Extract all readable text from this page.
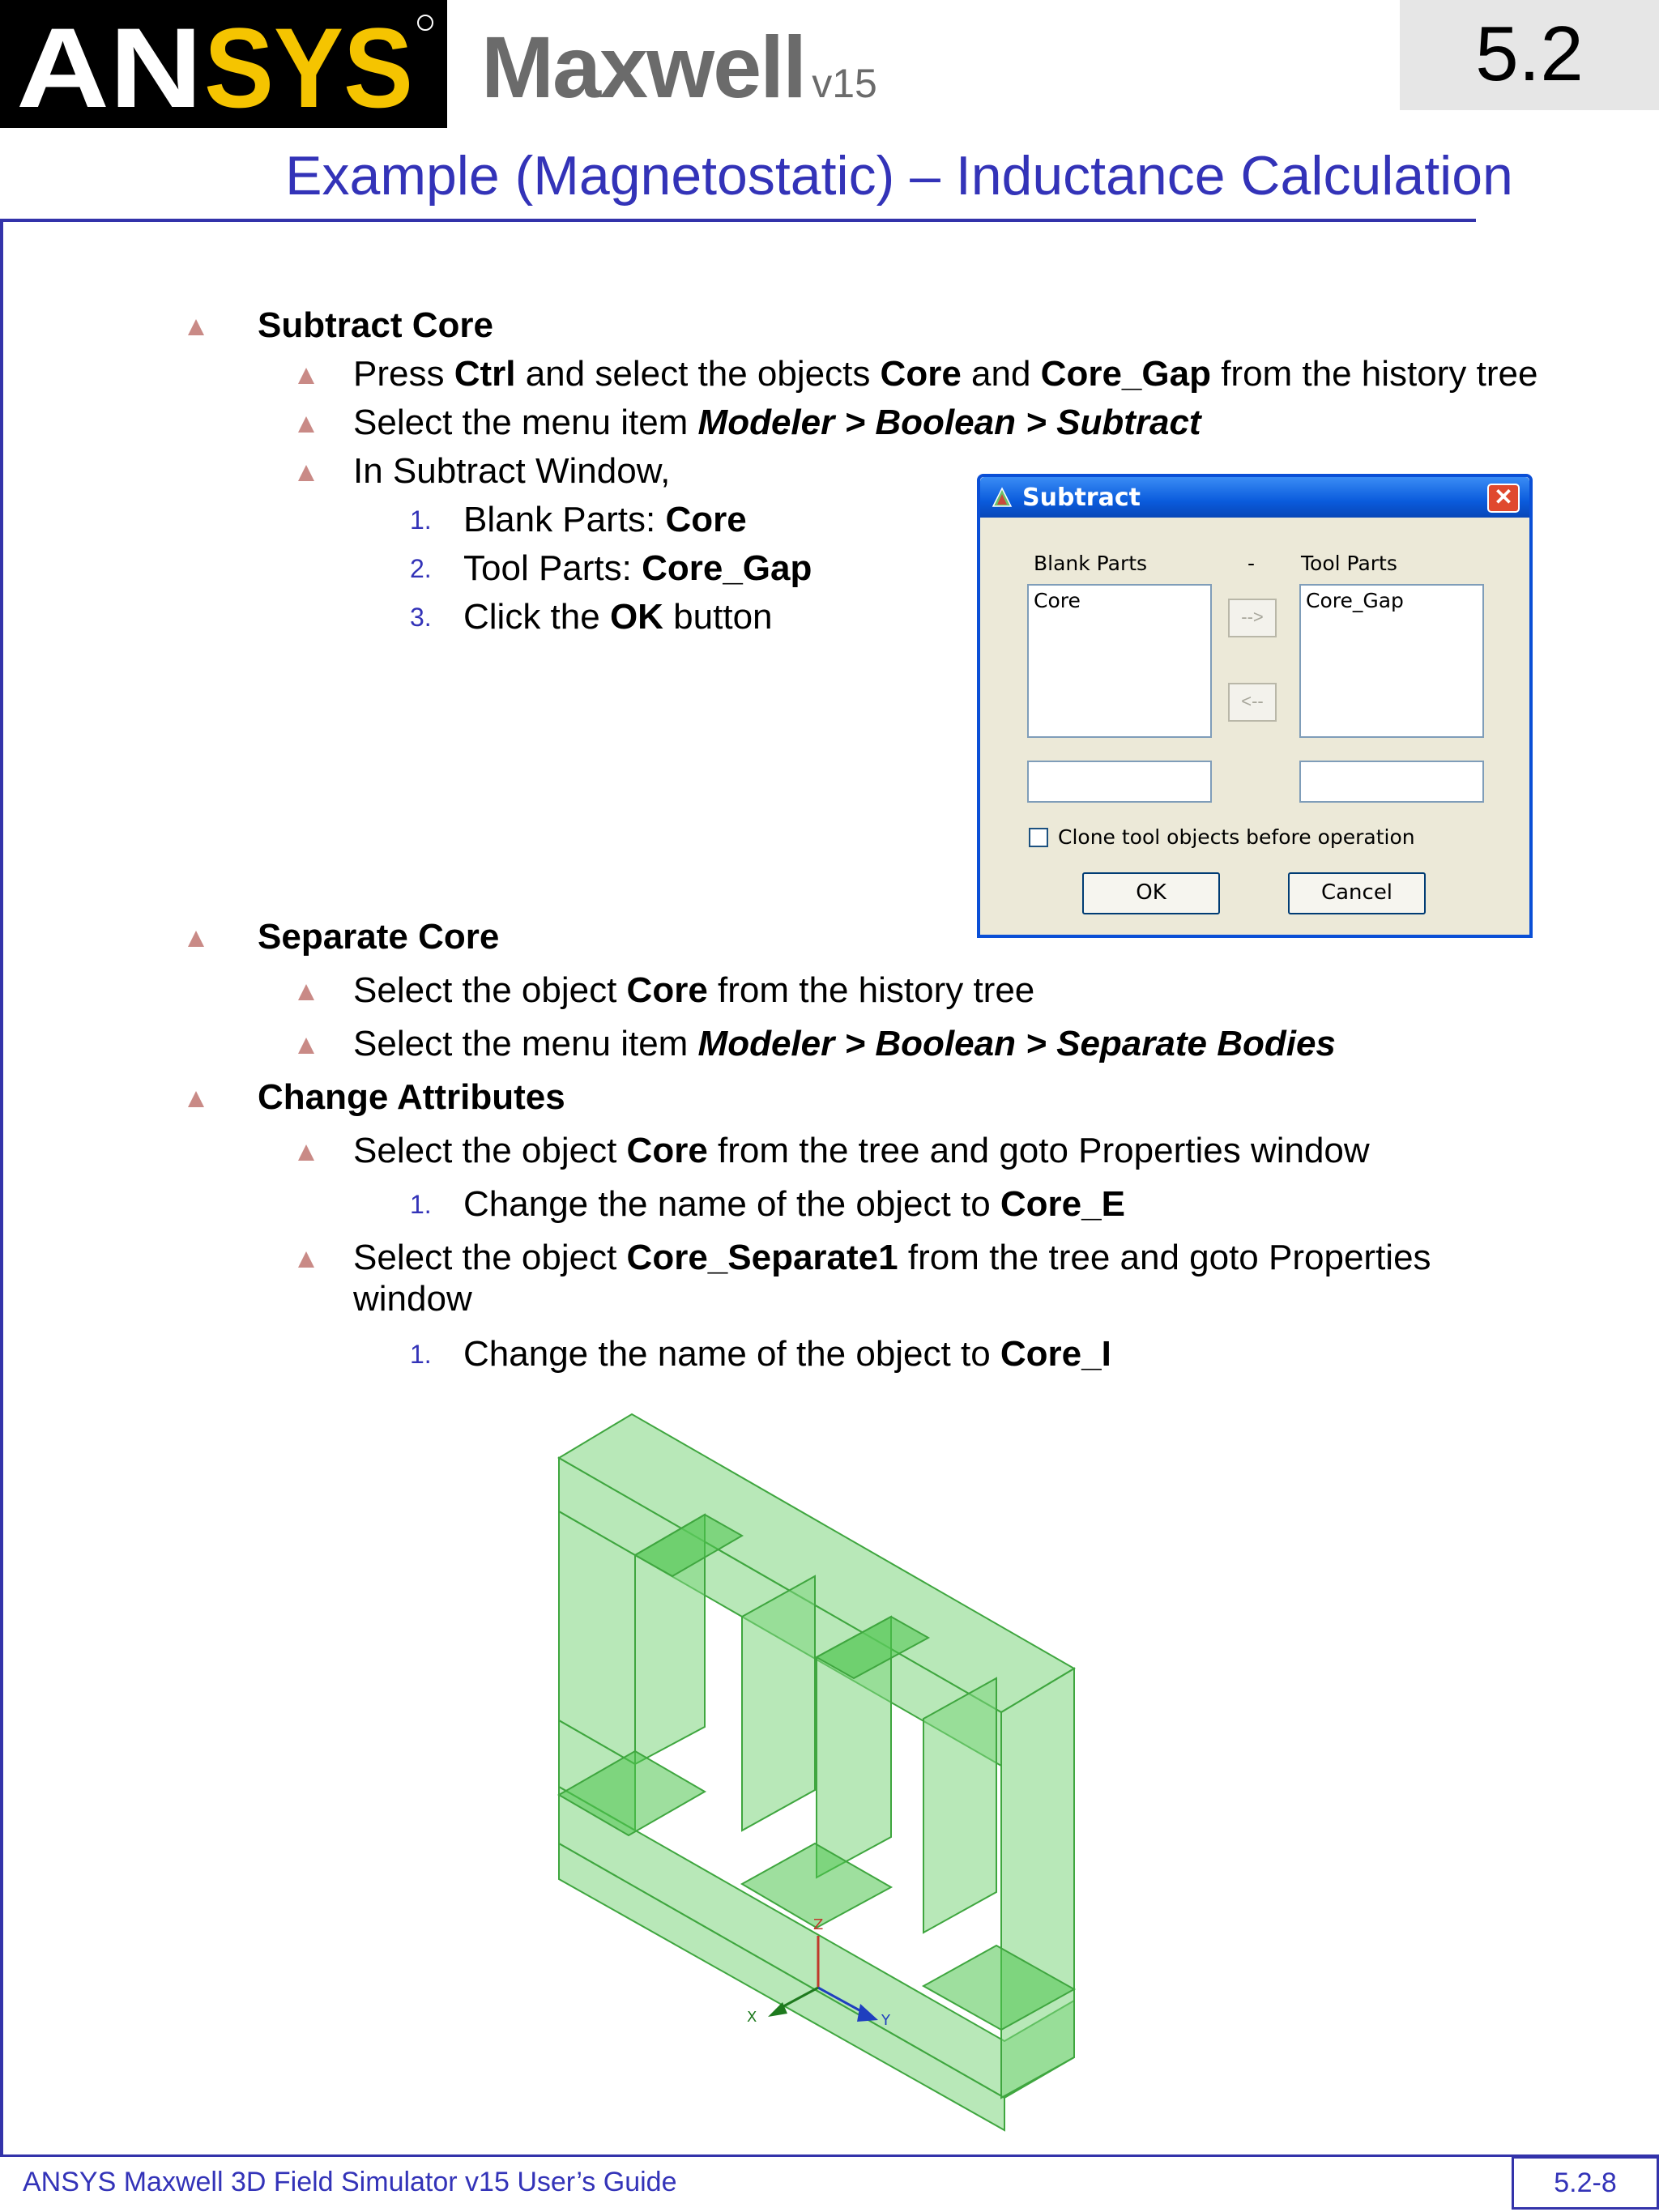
AN SYS Maxwell v15	5.2
Example (Magnetostatic) – Inductance Calculation
Subtract Core
Press Ctrl and select the objects Core and Core_Gap from the history tree
Select the menu item Modeler > Boolean > Subtract
In Subtract Window,
1. Blank Parts: Core
2. Tool Parts: Core_Gap
3. Click the OK button
Subtract	✕
Blank Parts	- Tool Parts
Core
-->
<--
Core_Gap
Clone tool objects before operation
OK	Cancel
Separate Core
Select the object Core from the history tree
Select the menu item Modeler > Boolean > Separate Bodies
Change Attributes
Select the object Core from the tree and goto Properties window
1. Change the name of the object to Core_E
Select the object Core_Separate1 from the tree and goto Properties
window
1. Change the name of the object to Core_I
Z
X	Y
ANSYS Maxwell 3D Field Simulator v15 User’s Guide	5.2-8
